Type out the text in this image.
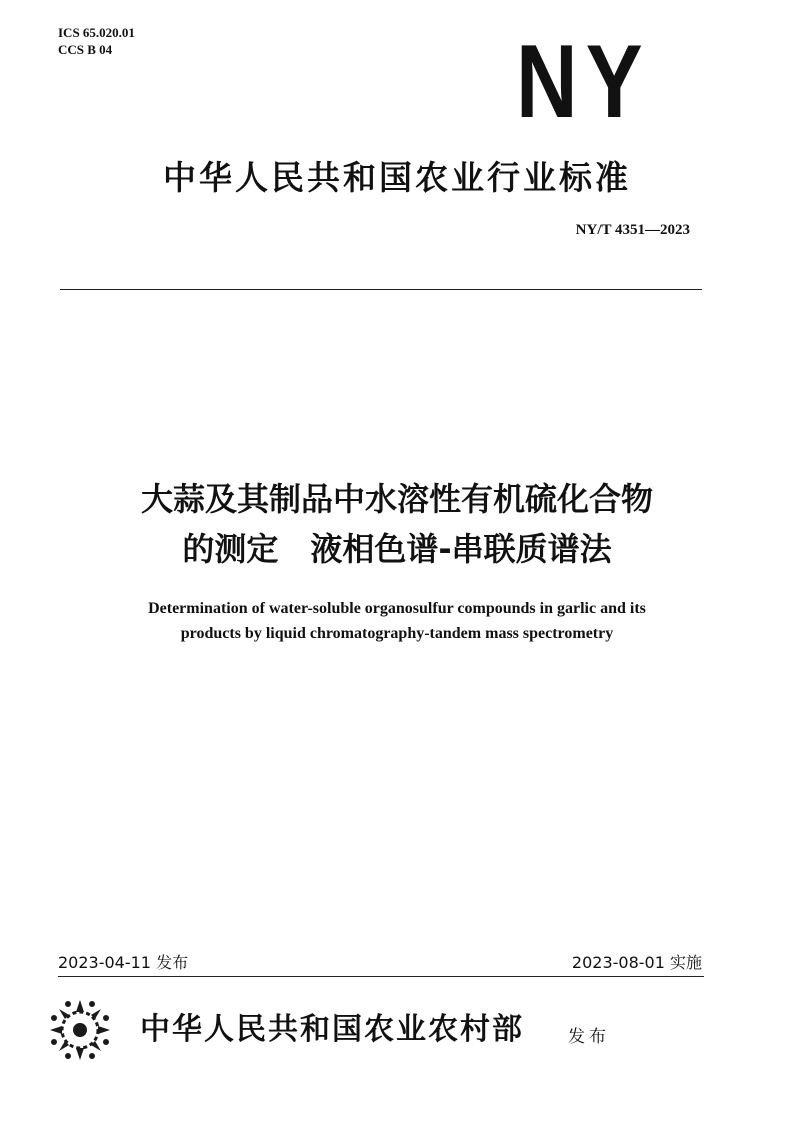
ICS 65.020.01
CCS B 04	NY
中华人民共和国农业行业标准
NY/T 4351—2023
大蒜及其制品中水溶性有机硫化合物
的测定　液相色谱-串联质谱法
Determination of water-soluble organosulfur compounds in garlic and its
products by liquid chromatography-tandem mass spectrometry
2023-04-11 发布	2023-08-01 实施
中华人民共和国农业农村部	发布
